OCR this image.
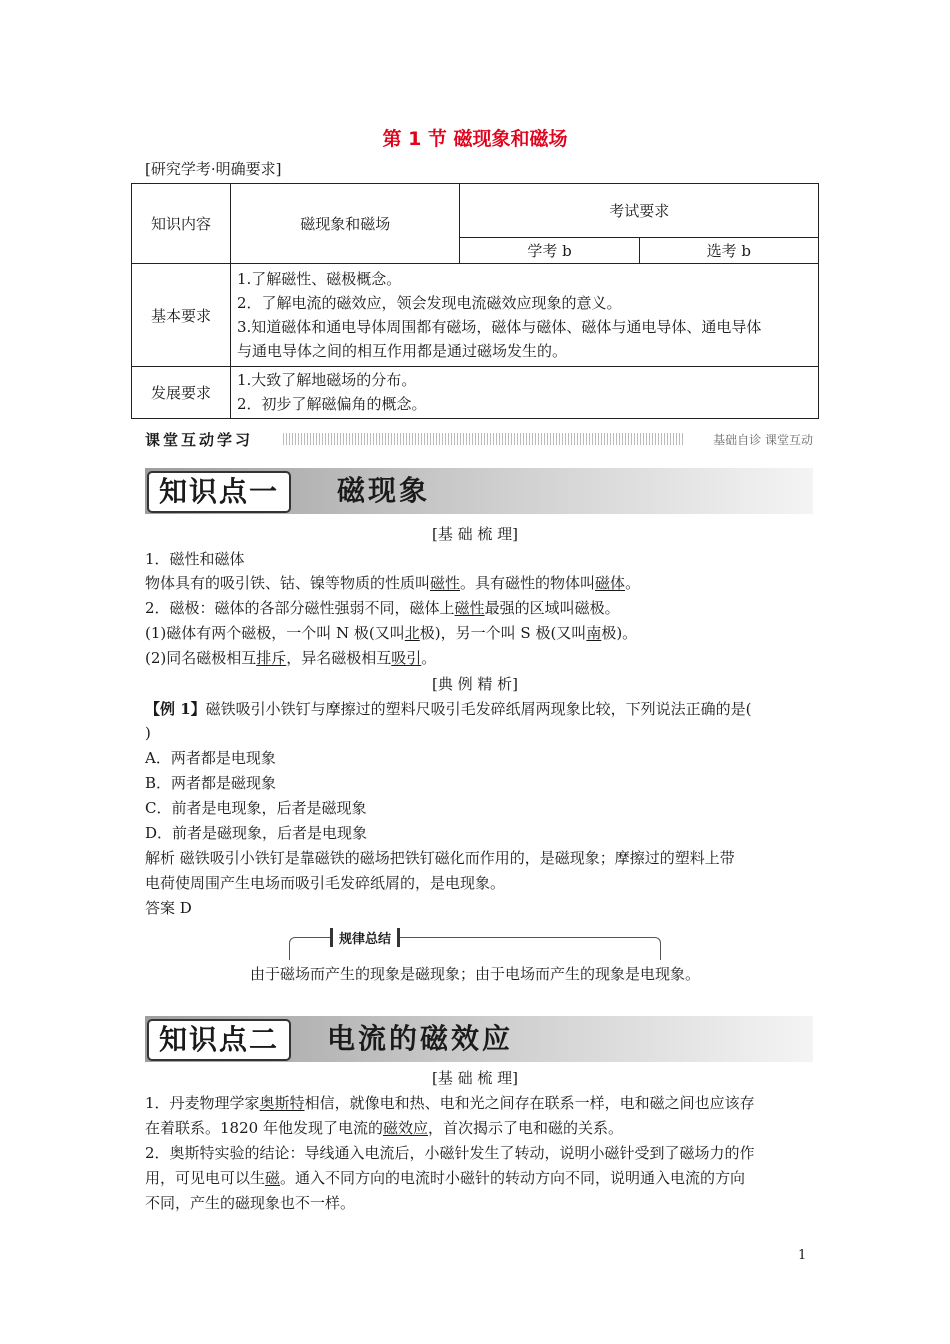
第 1 节 磁现象和磁场
[研究学考·明确要求]
知识内容	磁现象和磁场	考试要求	
		学考 b	选考 b
基本要求	1.了解磁性、磁极概念。
2．了解电流的磁效应，领会发现电流磁效应现象的意义。
3.知道磁体和通电导体周围都有磁场，磁体与磁体、磁体与通电导体、通电导体
与通电导体之间的相互作用都是通过磁场发生的。		

发展要求	1.大致了解地磁场的分布。
2．初步了解磁偏角的概念。		
课堂互动学习	基础自诊 课堂互动
知识点一	磁现象
[基 础 梳 理]
1．磁性和磁体
物体具有的吸引铁、钴、镍等物质的性质叫磁性。具有磁性的物体叫磁体。
2．磁极：磁体的各部分磁性强弱不同，磁体上磁性最强的区域叫磁极。
(1)磁体有两个磁极，一个叫 N 极(又叫北极)，另一个叫 S 极(又叫南极)。
(2)同名磁极相互排斥，异名磁极相互吸引。
[典 例 精 析]
【例 1】磁铁吸引小铁钉与摩擦过的塑料尺吸引毛发碎纸屑两现象比较，下列说法正确的是(
)
A．两者都是电现象
B．两者都是磁现象
C．前者是电现象，后者是磁现象
D．前者是磁现象，后者是电现象
解析 磁铁吸引小铁钉是靠磁铁的磁场把铁钉磁化而作用的，是磁现象；摩擦过的塑料上带
电荷使周围产生电场而吸引毛发碎纸屑的，是电现象。
答案 D
规律总结
由于磁场而产生的现象是磁现象；由于电场而产生的现象是电现象。
知识点二	电流的磁效应
[基 础 梳 理]
1．丹麦物理学家奥斯特相信，就像电和热、电和光之间存在联系一样，电和磁之间也应该存
在着联系。1820 年他发现了电流的磁效应，首次揭示了电和磁的关系。
2．奥斯特实验的结论：导线通入电流后，小磁针发生了转动，说明小磁针受到了磁场力的作
用，可见电可以生磁。通入不同方向的电流时小磁针的转动方向不同，说明通入电流的方向
不同，产生的磁现象也不一样。
1
